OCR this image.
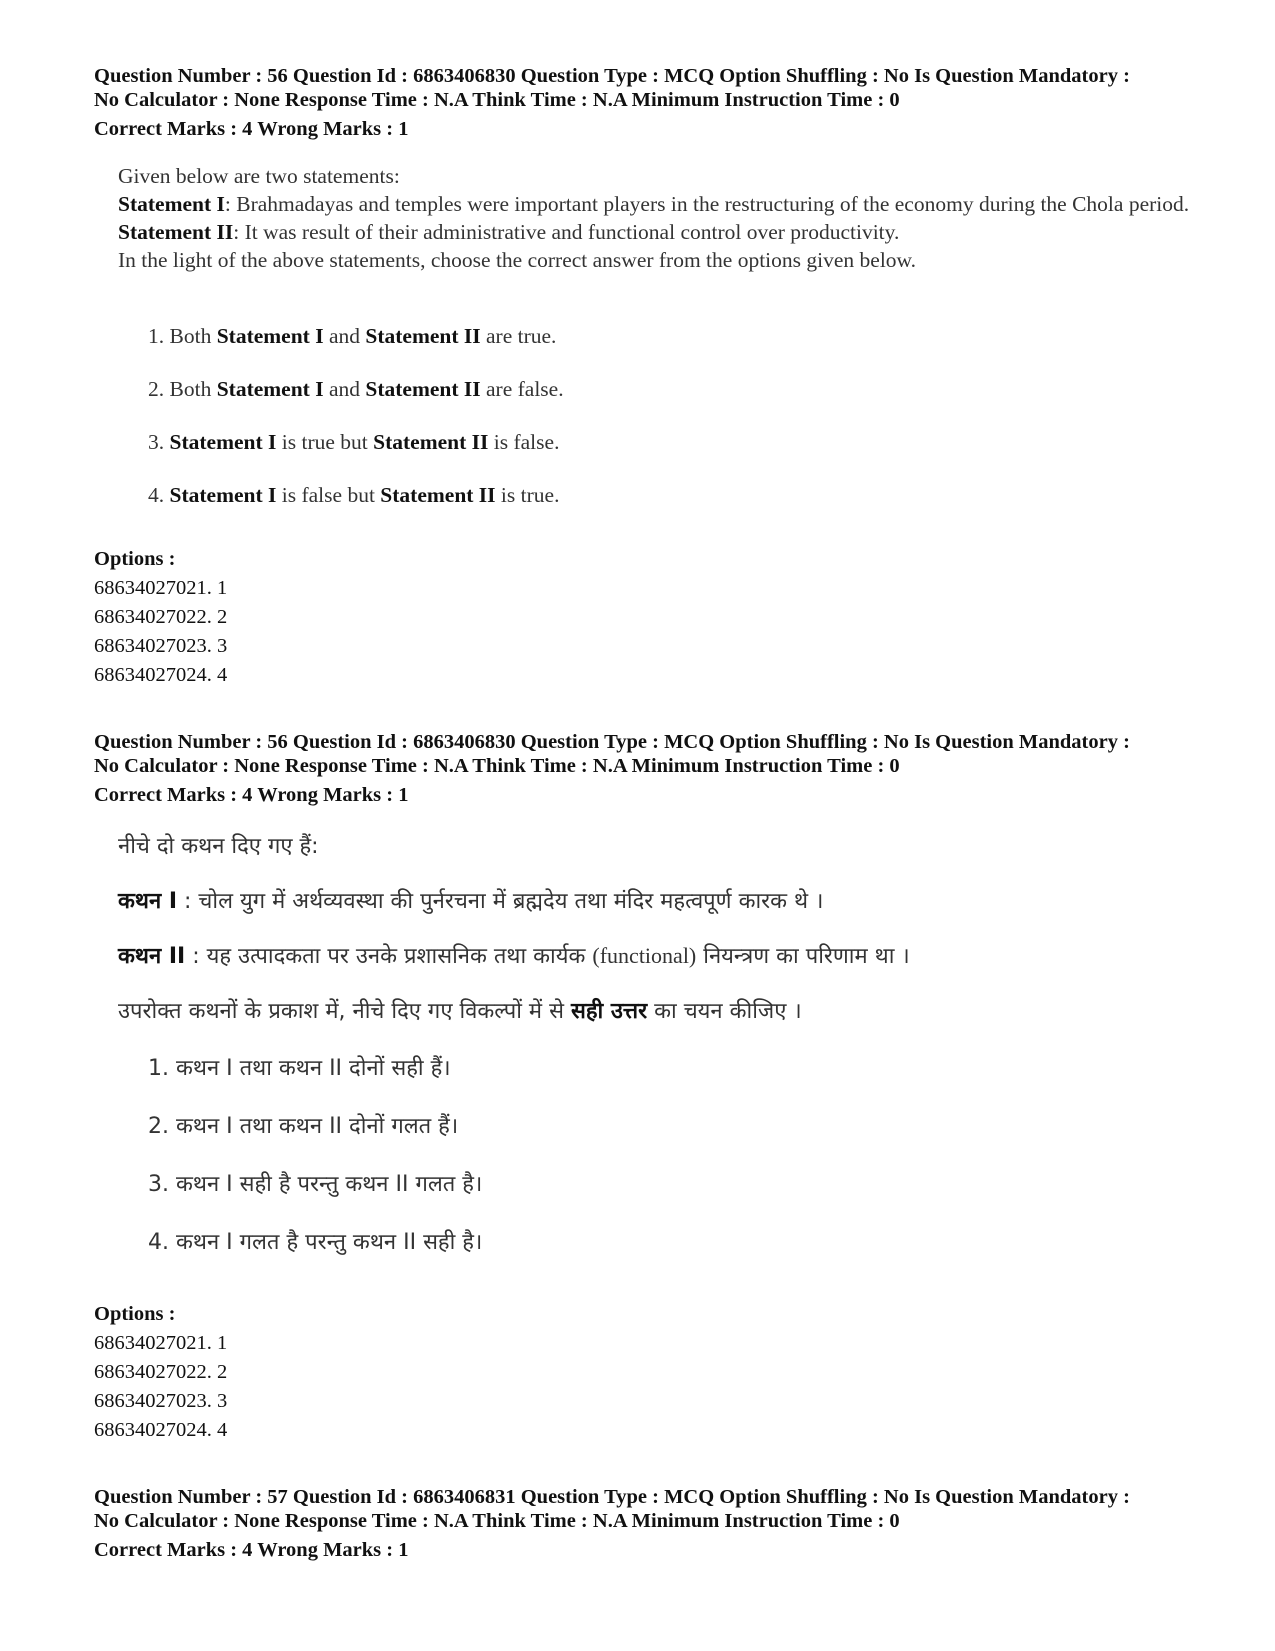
Question Number : 56 Question Id : 6863406830 Question Type : MCQ Option Shuffling : No Is Question Mandatory :

No Calculator : None Response Time : N.A Think Time : N.A Minimum Instruction Time : 0

Correct Marks : 4 Wrong Marks : 1

Given below are two statements:

Statement I: Brahmadayas and temples were important players in the restructuring of the economy during the Chola period.

Statement II: It was result of their administrative and functional control over productivity.

In the light of the above statements, choose the correct answer from the options given below.

1. Both Statement I and Statement II are true.
2. Both Statement I and Statement II are false.
3. Statement I is true but Statement II is false.
4. Statement I is false but Statement II is true.
Options :
68634027021. 1
68634027022. 2
68634027023. 3
68634027024. 4

Question Number : 56 Question Id : 6863406830 Question Type : MCQ Option Shuffling : No Is Question Mandatory :

No Calculator : None Response Time : N.A Think Time : N.A Minimum Instruction Time : 0

Correct Marks : 4 Wrong Marks : 1

नीचे दो कथन दिए गए हैं:
कथन I : चोल युग में अर्थव्यवस्था की पुर्नरचना में ब्रह्मदेय तथा मंदिर महत्वपूर्ण कारक थे ।
कथन II : यह उत्पादकता पर उनके प्रशासनिक तथा कार्यक (functional) नियन्त्रण का परिणाम था ।
उपरोक्त कथनों के प्रकाश में, नीचे दिए गए विकल्पों में से सही उत्तर का चयन कीजिए ।
1. कथन I तथा कथन II दोनों सही हैं।
2. कथन I तथा कथन II दोनों गलत हैं।
3. कथन I सही है परन्तु कथन II गलत है।
4. कथन I गलत है परन्तु कथन II सही है।
Options :
68634027021. 1
68634027022. 2
68634027023. 3
68634027024. 4

Question Number : 57 Question Id : 6863406831 Question Type : MCQ Option Shuffling : No Is Question Mandatory :

No Calculator : None Response Time : N.A Think Time : N.A Minimum Instruction Time : 0

Correct Marks : 4 Wrong Marks : 1
